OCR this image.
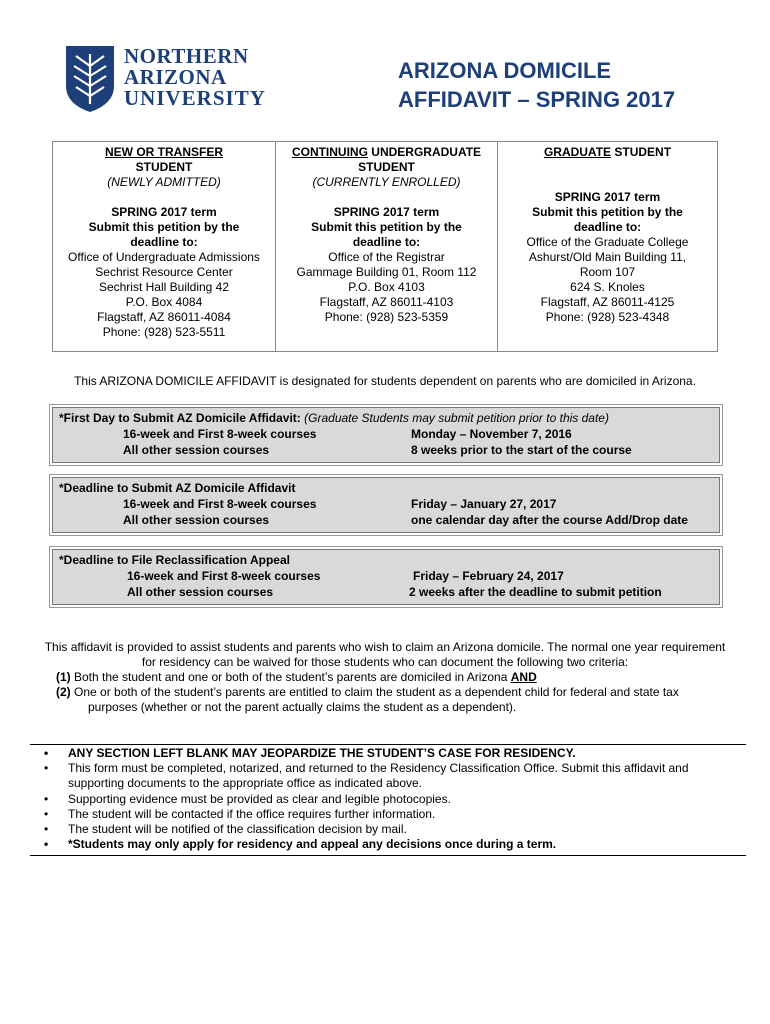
NORTHERN
ARIZONA
UNIVERSITY
ARIZONA DOMICILE
AFFIDAVIT – SPRING 2017
NEW OR TRANSFER
STUDENT
(NEWLY ADMITTED)
SPRING 2017 term
Submit this petition by the
deadline to:
Office of Undergraduate Admissions
Sechrist Resource Center
Sechrist Hall Building 42
P.O. Box 4084
Flagstaff, AZ 86011-4084
Phone: (928) 523-5511
CONTINUING UNDERGRADUATE
STUDENT
(CURRENTLY ENROLLED)
SPRING 2017 term
Submit this petition by the
deadline to:
Office of the Registrar
Gammage Building 01, Room 112
P.O. Box 4103
Flagstaff, AZ 86011-4103
Phone: (928) 523-5359
GRADUATE STUDENT
SPRING 2017 term
Submit this petition by the
deadline to:
Office of the Graduate College
Ashurst/Old Main Building 11,
Room 107
624 S. Knoles
Flagstaff, AZ 86011-4125
Phone: (928) 523-4348
This ARIZONA DOMICILE AFFIDAVIT is designated for students dependent on parents who are domiciled in Arizona.
*First Day to Submit AZ Domicile Affidavit: (Graduate Students may submit petition prior to this date)
16-week and First 8-week courses	Monday – November 7, 2016
All other session courses	8 weeks prior to the start of the course
*Deadline to Submit AZ Domicile Affidavit
16-week and First 8-week courses	Friday – January 27, 2017
All other session courses	one calendar day after the course Add/Drop date
*Deadline to File Reclassification Appeal
16-week and First 8-week courses	Friday – February 24, 2017
All other session courses	2 weeks after the deadline to submit petition
This affidavit is provided to assist students and parents who wish to claim an Arizona domicile. The normal one year requirement
for residency can be waived for those students who can document the following two criteria:
(1) Both the student and one or both of the student’s parents are domiciled in Arizona AND
(2) One or both of the student’s parents are entitled to claim the student as a dependent child for federal and state tax
purposes (whether or not the parent actually claims the student as a dependent).
• ANY SECTION LEFT BLANK MAY JEOPARDIZE THE STUDENT’S CASE FOR RESIDENCY.
• This form must be completed, notarized, and returned to the Residency Classification Office. Submit this affidavit and
supporting documents to the appropriate office as indicated above.
• Supporting evidence must be provided as clear and legible photocopies.
• The student will be contacted if the office requires further information.
• The student will be notified of the classification decision by mail.
• *Students may only apply for residency and appeal any decisions once during a term.
